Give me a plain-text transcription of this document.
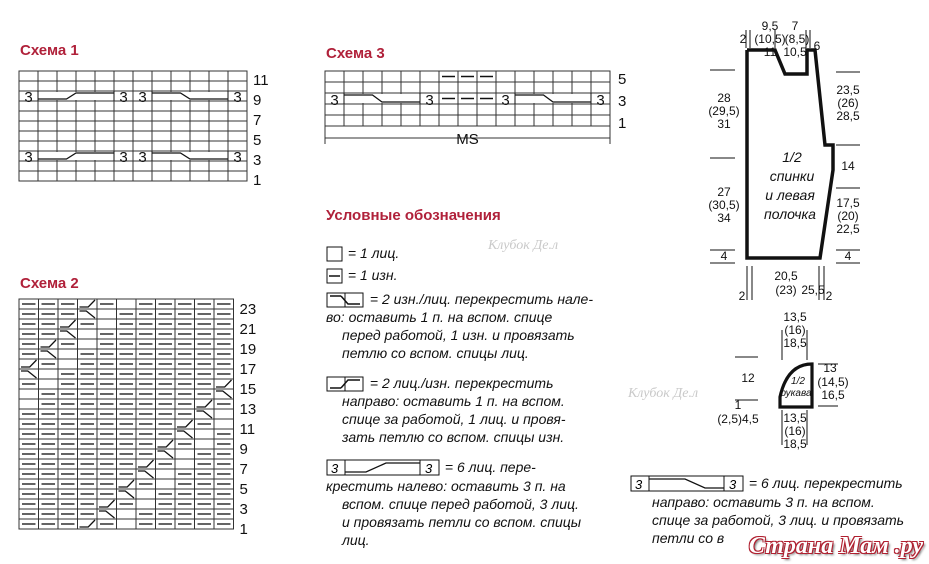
Схема 1
3	3 3	3
3	3 3	3
11
9
7
5
3
1
Схема 3
3	3	3	3
5
3
1
MS
Схема 2
23
21
19
17
15
13
11
9
7
5
3
1
Условные обозначения
= 1 лиц.
= 1 изн.
= 2 изн./лиц. перекрестить нале-
во: оставить 1 п. на вспом. спице
перед работой, 1 изн. и провязать
петлю со вспом. спицы лиц.
= 2 лиц./изн. перекрестить
направо: оставить 1 п. на вспом.
спице за работой, 1 лиц. и провя-
зать петлю со вспом. спицы изн.
3	3 = 6 лиц. пере-
крестить налево: оставить 3 п. на
вспом. спице перед работой, 3 лиц.
и провязать петли со вспом. спицы
лиц.
3	3 = 6 лиц. перекрестить
направо: оставить 3 п. на вспом.
спице за работой, 3 лиц. и провязать
петли со в
9,5 7
(10,5)
(8,5)
11 10,5
2	6
28
(29,5)
31
27
(30,5)
34
23,5
(26)
28,5
14
17,5
(20)
22,5
4	4
20,5
(23) 25,5
2	2
1/2
спинки
и левая
полочка
13,5
(16)
18,5
12
13
(14,5)
16,5
1
(2,5)4,5 13,5
(16)
18,5
1/2
рукава
Клубок Де.л
Клубок Де.л
Страна Мам .ру
